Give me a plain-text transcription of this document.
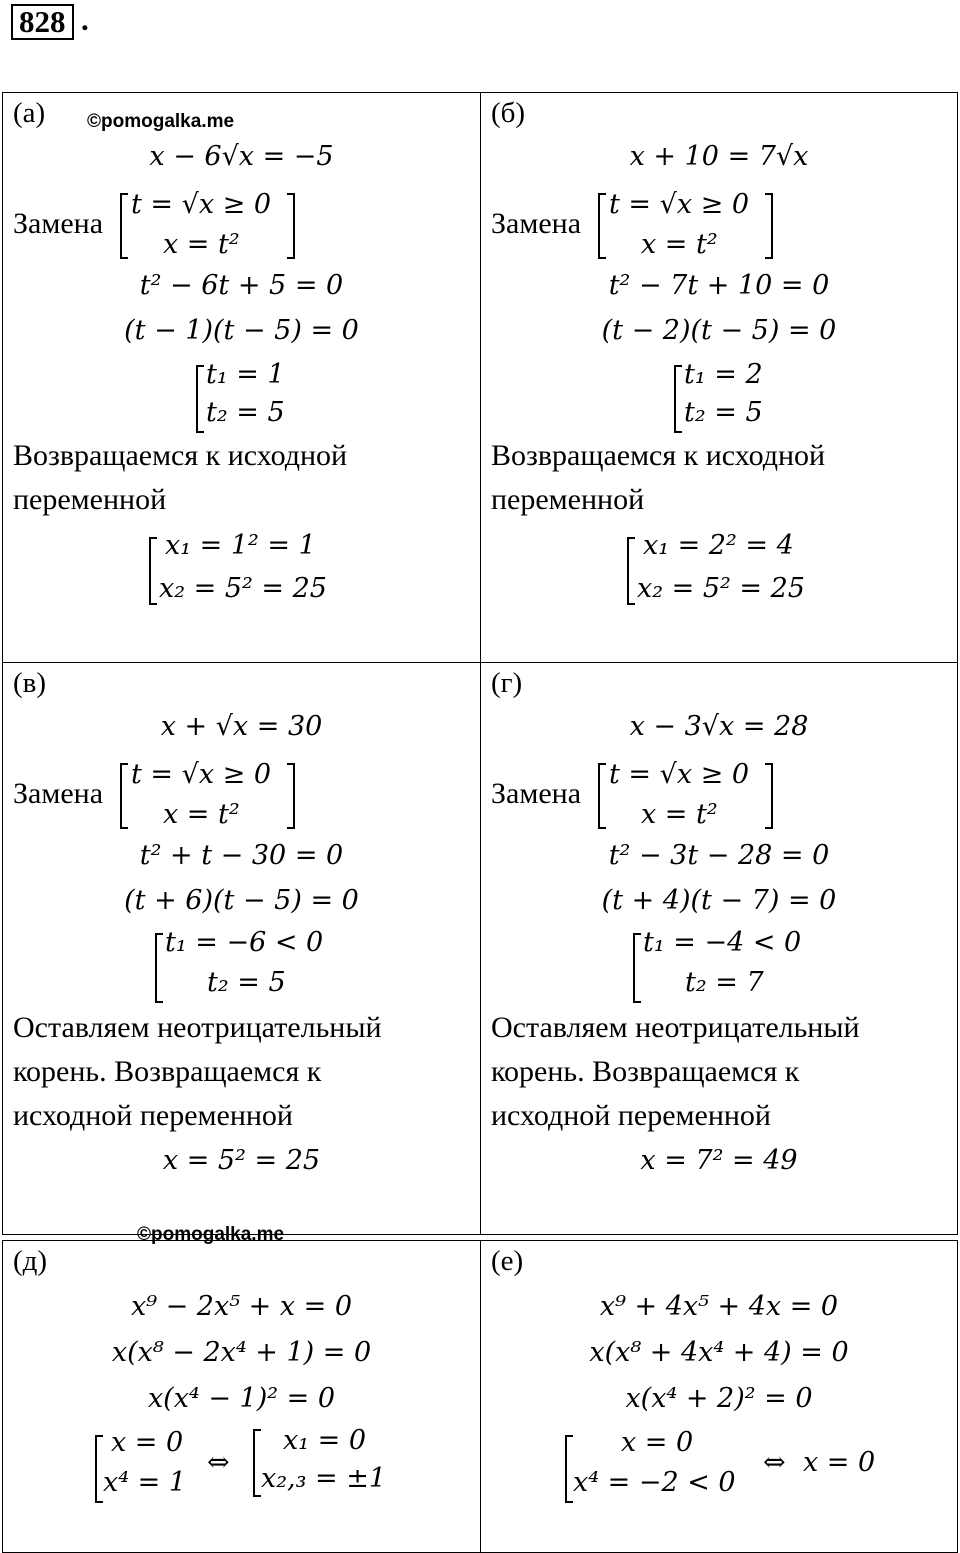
828 .
(а) ©pomogalka.me
x − 6√x = −5
Замена
t = √x ≥ 0
x = t²
t² − 6t + 5 = 0
(t − 1)(t − 5) = 0
t₁ = 1
t₂ = 5
Возвращаемся к исходной
переменной
x₁ = 1² = 1
x₂ = 5² = 25
(б)
x + 10 = 7√x
Замена
t = √x ≥ 0
x = t²
t² − 7t + 10 = 0
(t − 2)(t − 5) = 0
t₁ = 2
t₂ = 5
Возвращаемся к исходной
переменной
x₁ = 2² = 4
x₂ = 5² = 25
(в)
x + √x = 30
Замена
t = √x ≥ 0
x = t²
t² + t − 30 = 0
(t + 6)(t − 5) = 0
t₁ = −6 < 0
t₂ = 5
Оставляем неотрицательный
корень. Возвращаемся к
исходной переменной
x = 5² = 25
(г)
x − 3√x = 28
Замена
t = √x ≥ 0
x = t²
t² − 3t − 28 = 0
(t + 4)(t − 7) = 0
t₁ = −4 < 0
t₂ = 7
Оставляем неотрицательный
корень. Возвращаемся к
исходной переменной
x = 7² = 49
©pomogalka.me
(д)
x⁹ − 2x⁵ + x = 0
x(x⁸ − 2x⁴ + 1) = 0
x(x⁴ − 1)² = 0
x = 0
x⁴ = 1
⇔
x₁ = 0
x₂,₃ = ±1
(е)
x⁹ + 4x⁵ + 4x = 0
x(x⁸ + 4x⁴ + 4) = 0
x(x⁴ + 2)² = 0
x = 0
x⁴ = −2 < 0
⇔ x = 0
